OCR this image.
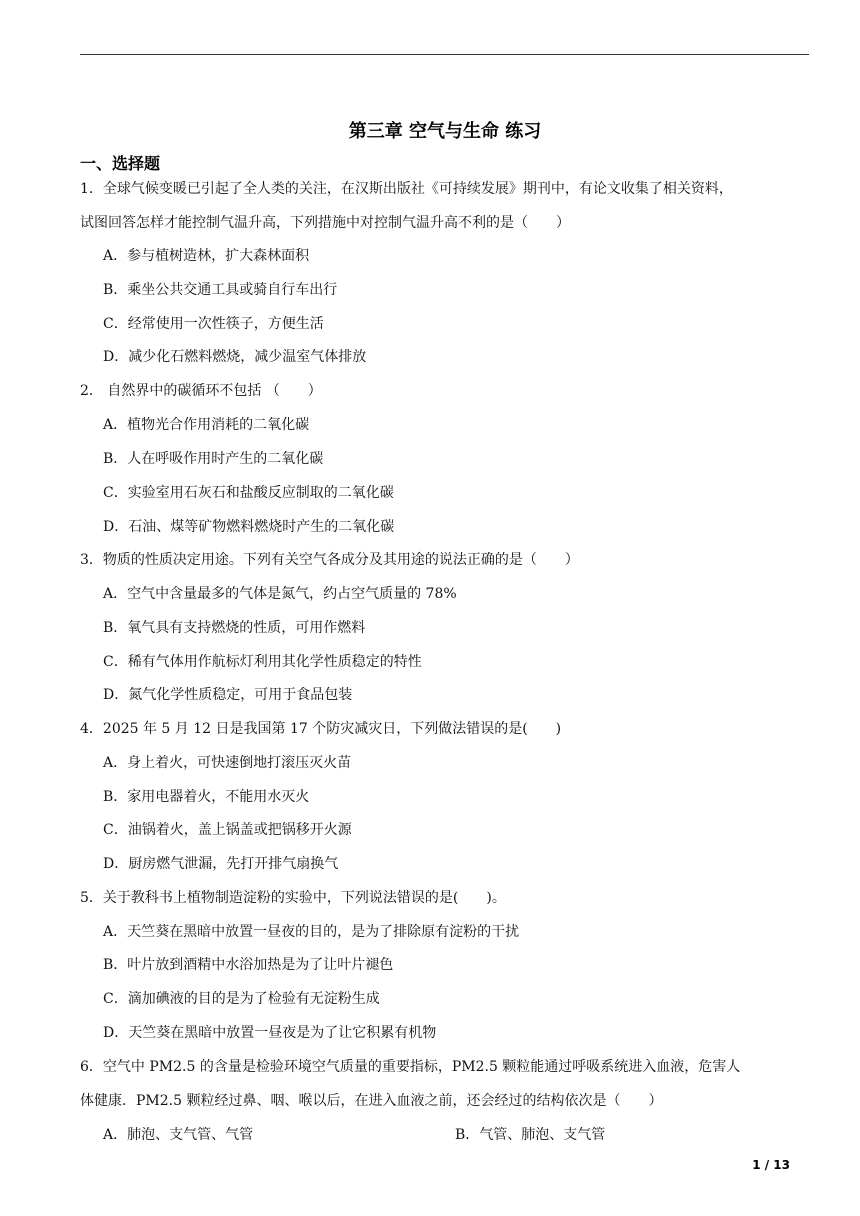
第三章 空气与生命 练习
一、选择题
1．全球气候变暖已引起了全人类的关注，在汉斯出版社《可持续发展》期刊中，有论文收集了相关资料，
试图回答怎样才能控制气温升高，下列措施中对控制气温升高不利的是（　　）
A．参与植树造林，扩大森林面积
B．乘坐公共交通工具或骑自行车出行
C．经常使用一次性筷子，方便生活
D．减少化石燃料燃烧，减少温室气体排放
2． 自然界中的碳循环不包括 （　　）
A．植物光合作用消耗的二氧化碳
B．人在呼吸作用时产生的二氧化碳
C．实验室用石灰石和盐酸反应制取的二氧化碳
D．石油、煤等矿物燃料燃烧时产生的二氧化碳
3．物质的性质决定用途。下列有关空气各成分及其用途的说法正确的是（　　）
A．空气中含量最多的气体是氮气，约占空气质量的 78%
B．氧气具有支持燃烧的性质，可用作燃料
C．稀有气体用作航标灯利用其化学性质稳定的特性
D．氮气化学性质稳定，可用于食品包装
4．2025 年 5 月 12 日是我国第 17 个防灾减灾日，下列做法错误的是(　　)
A．身上着火，可快速倒地打滚压灭火苗
B．家用电器着火，不能用水灭火
C．油锅着火，盖上锅盖或把锅移开火源
D．厨房燃气泄漏，先打开排气扇换气
5．关于教科书上植物制造淀粉的实验中，下列说法错误的是(　　)。
A．天竺葵在黑暗中放置一昼夜的目的，是为了排除原有淀粉的干扰
B．叶片放到酒精中水浴加热是为了让叶片褪色
C．滴加碘液的目的是为了检验有无淀粉生成
D．天竺葵在黑暗中放置一昼夜是为了让它积累有机物
6．空气中 PM2.5 的含量是检验环境空气质量的重要指标，PM2.5 颗粒能通过呼吸系统进入血液，危害人
体健康．PM2.5 颗粒经过鼻、咽、喉以后，在进入血液之前，还会经过的结构依次是（　　）
A．肺泡、支气管、气管	B．气管、肺泡、支气管
1 / 13
